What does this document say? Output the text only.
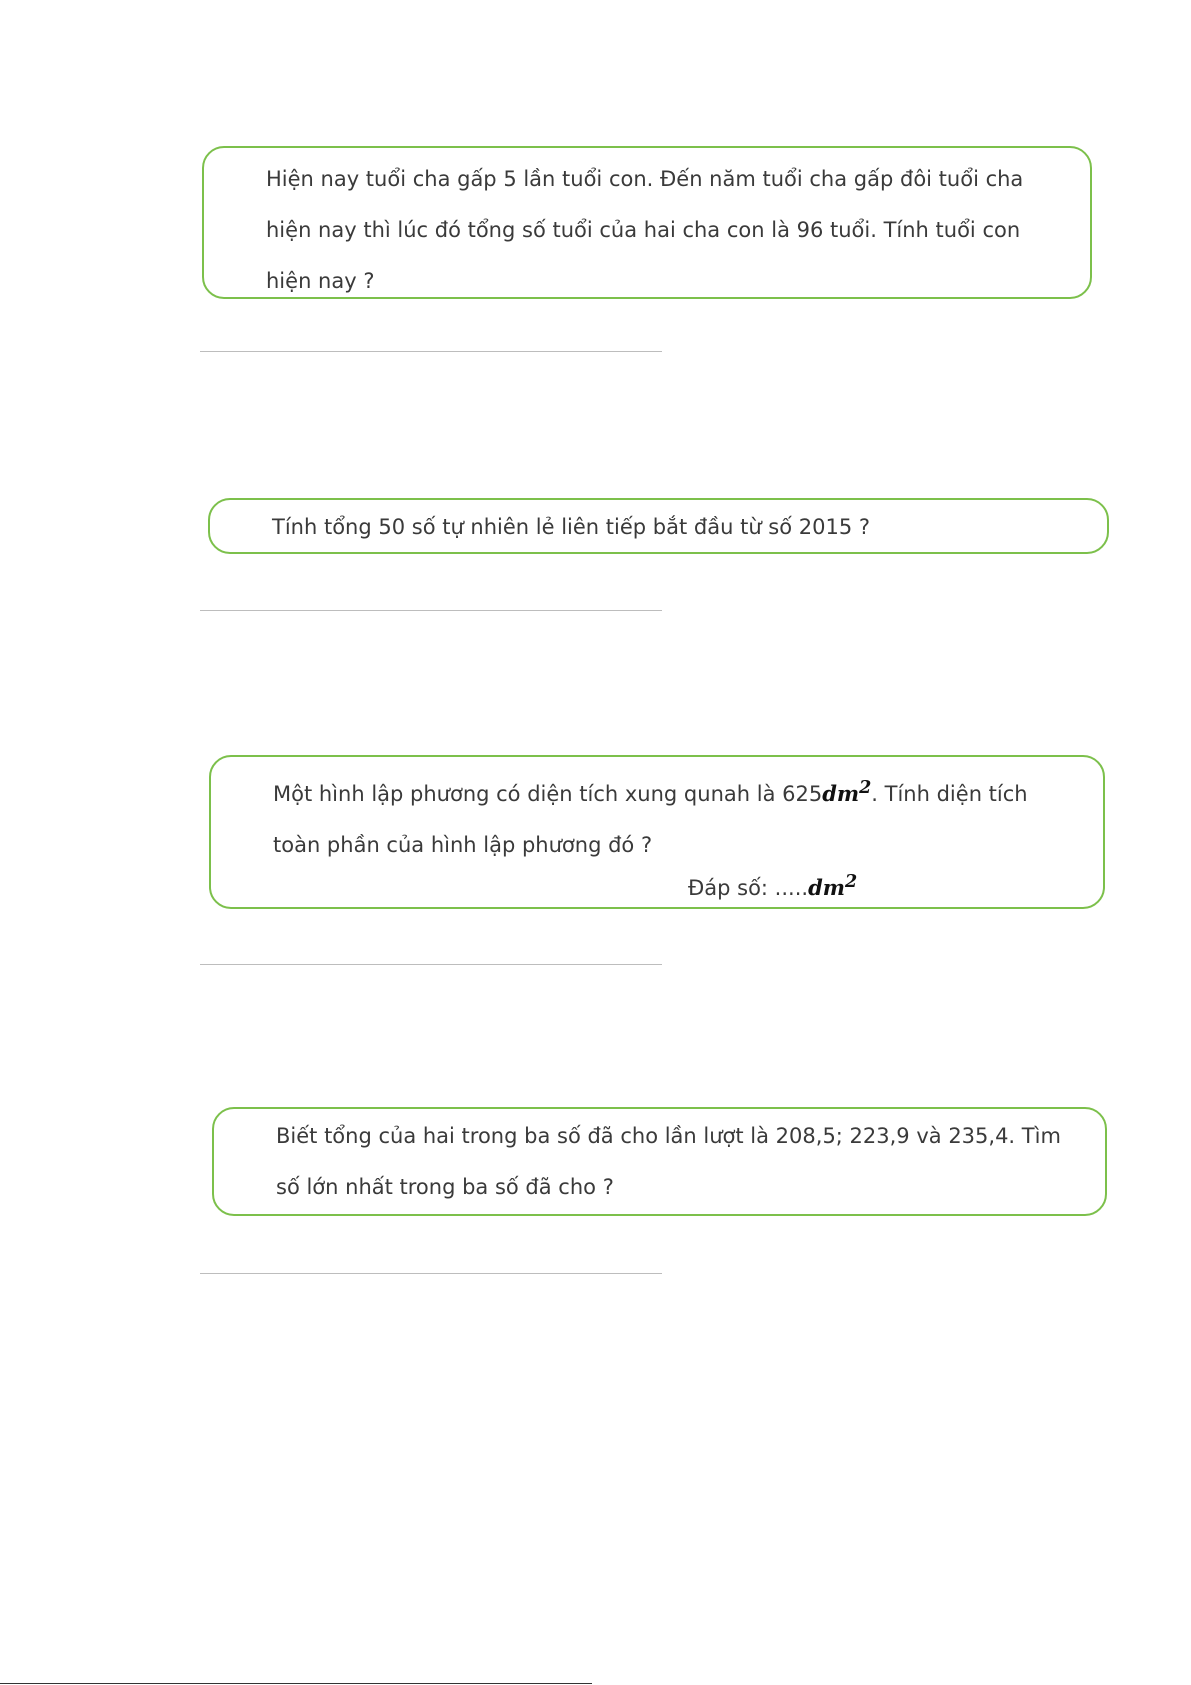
Hiện nay tuổi cha gấp 5 lần tuổi con. Đến năm tuổi cha gấp đôi tuổi cha hiện nay thì lúc đó tổng số tuổi của hai cha con là 96 tuổi. Tính tuổi con hiện nay ?

Tính tổng 50 số tự nhiên lẻ liên tiếp bắt đầu từ số 2015 ?

Một hình lập phương có diện tích xung qunah là $625dm^2$. Tính diện tích toàn phần của hình lập phương đó ?

Đáp số: $.....dm^2$

Biết tổng của hai trong ba số đã cho lần lượt là 208,5; 223,9 và 235,4. Tìm số lớn nhất trong ba số đã cho ?
